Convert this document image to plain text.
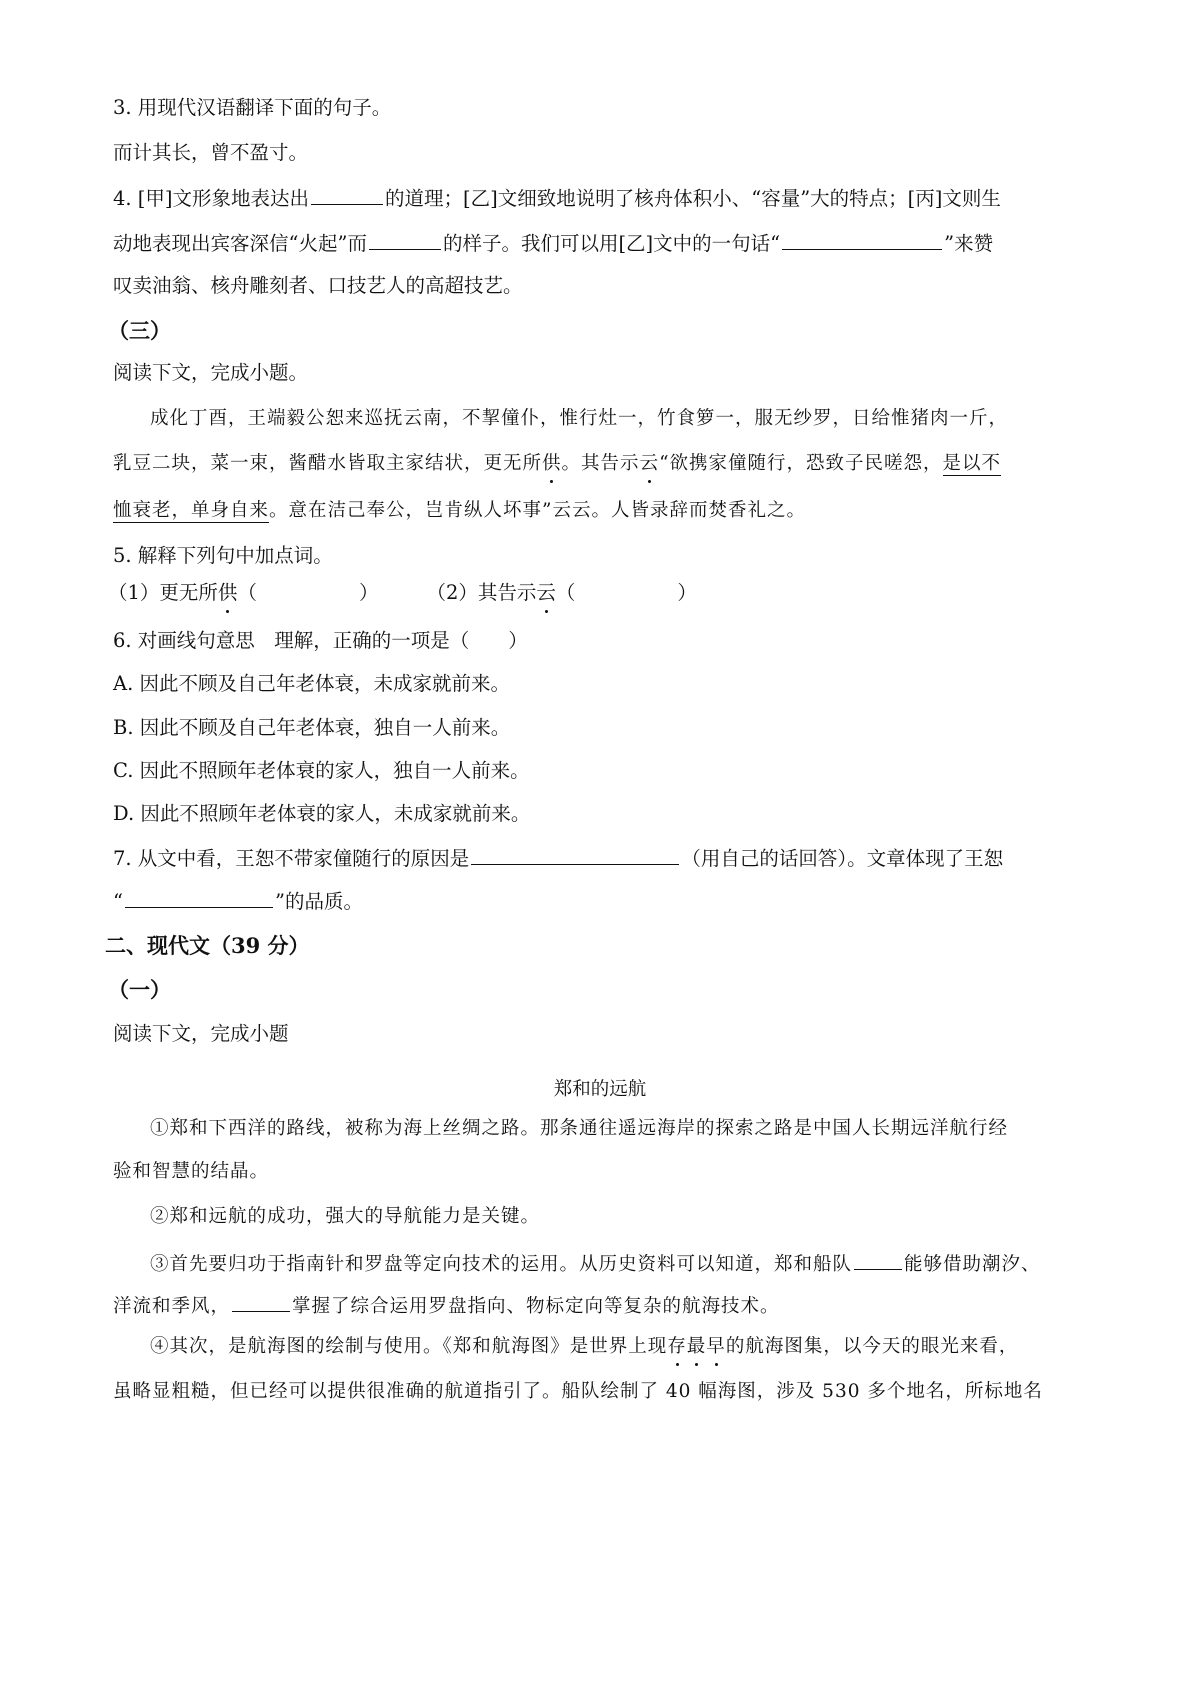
3. 用现代汉语翻译下面的句子。
而计其长，曾不盈寸。
4. [甲]文形象地表达出	的道理；[乙]文细致地说明了核舟体积小、“容量”大的特点；[丙]文则生
动地表现出宾客深信“火起”而	的样子。我们可以用[乙]文中的一句话“	”来赞
叹卖油翁、核舟雕刻者、口技艺人的高超技艺。
（三）
阅读下文，完成小题。
成化丁酉，王端毅公恕来巡抚云南，不挈僮仆，惟行灶一，竹食箩一，服无纱罗，日给惟猪肉一斤，
乳豆二块，菜一束，酱醋水皆取主家结状，更无所供。其告示云“欲携家僮随行，恐致子民嗟怨，是以不
恤衰老，单身自来。意在洁己奉公，岂肯纵人坏事”云云。人皆录辞而焚香礼之。
5. 解释下列句中加点词。
（1）更无所供（	） （2）其告示云（	）
6. 对画线句意思　理解，正确的一项是（　　）
A. 因此不顾及自己年老体衰，未成家就前来。
B. 因此不顾及自己年老体衰，独自一人前来。
C. 因此不照顾年老体衰的家人，独自一人前来。
D. 因此不照顾年老体衰的家人，未成家就前来。
7. 从文中看，王恕不带家僮随行的原因是	（用自己的话回答）。文章体现了王恕
“	”的品质。
二、现代文（39 分）
（一）
阅读下文，完成小题
郑和的远航
①郑和下西洋的路线，被称为海上丝绸之路。那条通往遥远海岸的探索之路是中国人长期远洋航行经
验和智慧的结晶。
②郑和远航的成功，强大的导航能力是关键。
③首先要归功于指南针和罗盘等定向技术的运用。从历史资料可以知道，郑和船队	能够借助潮汐、
洋流和季风，	掌握了综合运用罗盘指向、物标定向等复杂的航海技术。
④其次，是航海图的绘制与使用。《郑和航海图》是世界上现存最早的航海图集，以今天的眼光来看，
虽略显粗糙，但已经可以提供很准确的航道指引了。船队绘制了 40 幅海图，涉及 530 多个地名，所标地名
